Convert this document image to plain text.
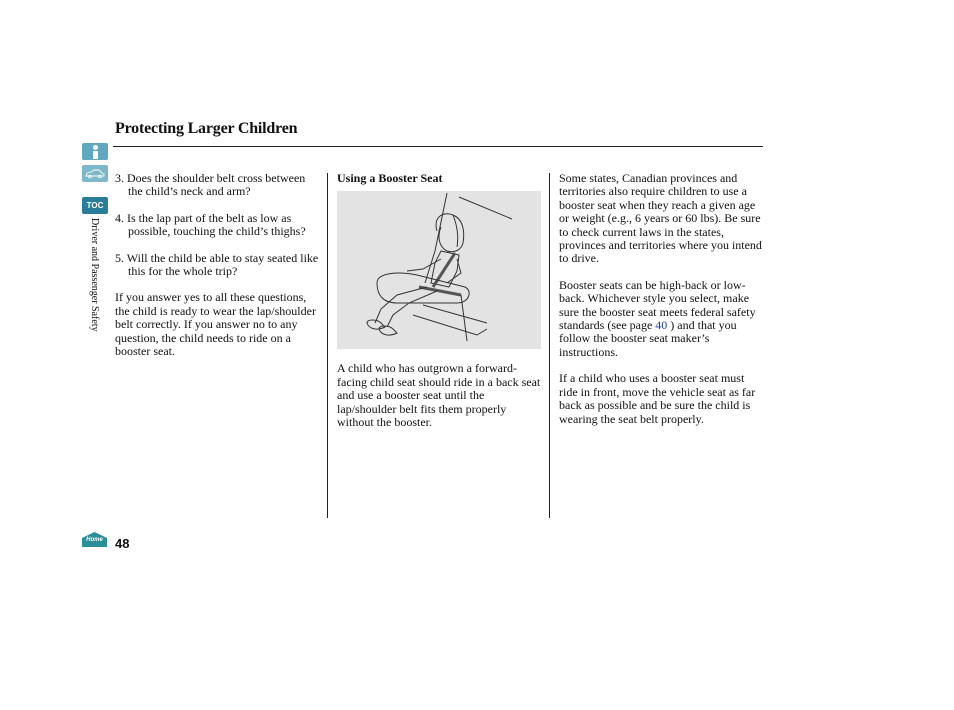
Protecting Larger Children
TOC
Driver and Passenger Safety
Home 48

3. Does the shoulder belt cross between the child’s neck and arm?

4. Is the lap part of the belt as low as possible, touching the child’s thighs?

5. Will the child be able to stay seated like this for the whole trip?

If you answer yes to all these questions, the child is ready to wear the lap/shoulder belt correctly. If you answer no to any question, the child needs to ride on a booster seat.

Using a Booster Seat

A child who has outgrown a forward-facing child seat should ride in a back seat and use a booster seat until the lap/shoulder belt fits them properly without the booster.

Some states, Canadian provinces and territories also require children to use a booster seat when they reach a given age or weight (e.g., 6 years or 60 lbs). Be sure to check current laws in the states, provinces and territories where you intend to drive.

Booster seats can be high-back or low-back. Whichever style you select, make sure the booster seat meets federal safety standards (see page 40 ) and that you follow the booster seat maker’s instructions.

If a child who uses a booster seat must ride in front, move the vehicle seat as far back as possible and be sure the child is wearing the seat belt properly.
